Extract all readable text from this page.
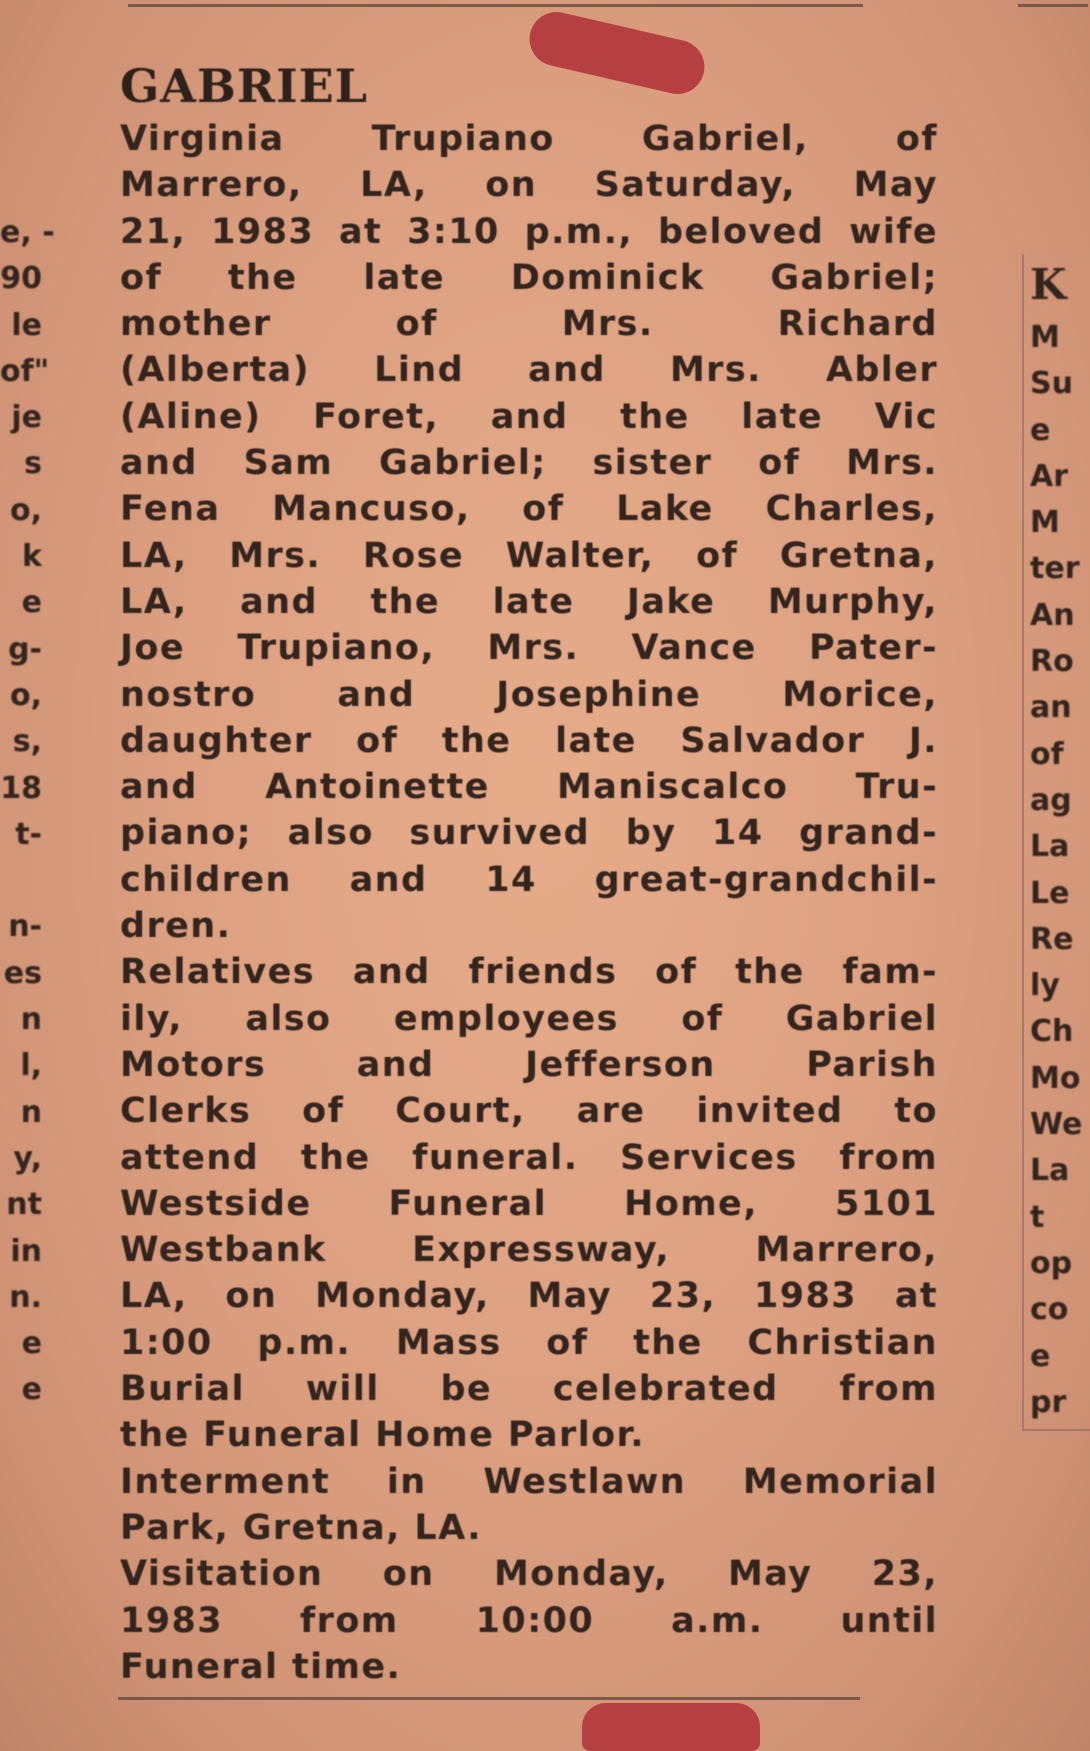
e, -
90
le
of"
je
s
o,
k
e
g-
o,
s,
18
t-
n-
es
n
l,
n
y,
nt
in
n.
e
e
K
M
Su
e
Ar
M
ter
An
Ro
an
of
ag
La
Le
Re
ly
Ch
Mo
We
La
t
op
co
e
pr
GABRIEL
Virginia Trupiano Gabriel, of
Marrero, LA, on Saturday, May
21, 1983 at 3:10 p.m., beloved wife
of the late Dominick Gabriel;
mother of Mrs. Richard
(Alberta) Lind and Mrs. Abler
(Aline) Foret, and the late Vic
and Sam Gabriel; sister of Mrs.
Fena Mancuso, of Lake Charles,
LA, Mrs. Rose Walter, of Gretna,
LA, and the late Jake Murphy,
Joe Trupiano, Mrs. Vance Pater-
nostro and Josephine Morice,
daughter of the late Salvador J.
and Antoinette Maniscalco Tru-
piano; also survived by 14 grand-
children and 14 great-grandchil-
dren.
Relatives and friends of the fam-
ily, also employees of Gabriel
Motors and Jefferson Parish
Clerks of Court, are invited to
attend the funeral. Services from
Westside Funeral Home, 5101
Westbank Expressway, Marrero,
LA, on Monday, May 23, 1983 at
1:00 p.m. Mass of the Christian
Burial will be celebrated from
the Funeral Home Parlor.
Interment in Westlawn Memorial
Park, Gretna, LA.
Visitation on Monday, May 23,
1983 from 10:00 a.m. until
Funeral time.
